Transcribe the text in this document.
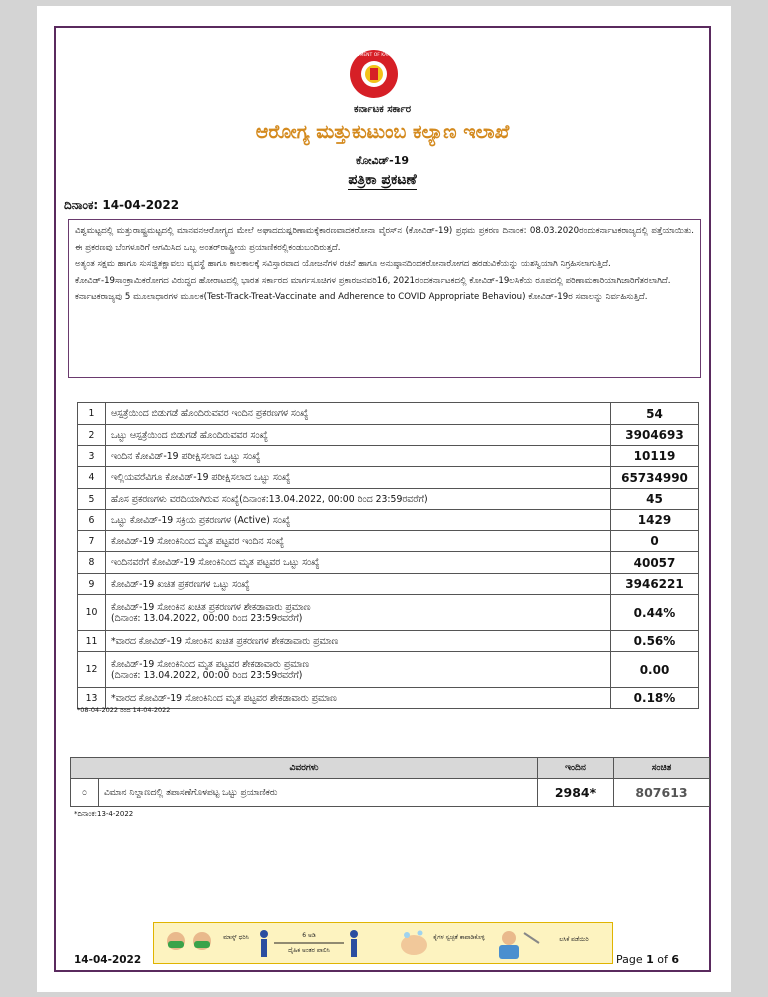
GOVERNMENT OF KARNATAKA
ಕರ್ನಾಟಕ ಸರ್ಕಾರ
ಆರೋಗ್ಯ ಮತ್ತುಕುಟುಂಬ ಕಲ್ಯಾಣ ಇಲಾಖೆ
ಕೋವಿಡ್-19
ಪತ್ರಿಕಾ ಪ್ರಕಟಣೆ
ದಿನಾಂಕ: 14-04-2022

ವಿಶ್ವಮಟ್ಟದಲ್ಲಿ ಮತ್ತುರಾಷ್ಟ್ರಮಟ್ಟದಲ್ಲಿ ಮಾನವನಆರೋಗ್ಯದ ಮೇಲೆ ಅಘಾದದುಷ್ಪರಿಣಾಮಕ್ಕೆಕಾರಣವಾದಕರೋನಾ ವೈರಸ್‌ನ (ಕೋವಿಡ್-19) ಪ್ರಥಮ ಪ್ರಕರಣ ದಿನಾಂಕ: 08.03.2020ರಂದುಕರ್ನಾಟಕರಾಜ್ಯದಲ್ಲಿ ಪತ್ತೆಯಾಯಿತು. ಈ ಪ್ರಕರಣವು ಬೆಂಗಳೂರಿಗೆ ಆಗಮಿಸಿದ ಒಬ್ಬ ಅಂತರ್‌ರಾಷ್ಟ್ರೀಯ ಪ್ರಯಾಣಿಕರಲ್ಲಿಕಂಡುಬಂದಿರುತ್ತದೆ.

ಅತ್ಯಂತ ಸಕ್ಷಮ ಹಾಗೂ ಸುಸಜ್ಜಿತಕ್ಷಾವಲು ವ್ಯವಸ್ಥೆ ಹಾಗೂ ಕಾಲಕಾಲಕ್ಕೆ ಸವಿಸ್ತಾರವಾದ ಯೋಜನೆಗಳ ರಚನೆ ಹಾಗೂ ಅನುಷ್ಠಾನದಿಂದಕರೋನಾರೋಗದ ಹರಡುವಿಕೆಯನ್ನು ಯಶಸ್ವಿಯಾಗಿ ನಿಗ್ರಹಿಸಲಾಗುತ್ತಿದೆ.

ಕೋವಿಡ್-19ಸಾಂಕ್ರಾಮಿಕರೋಗದ ವಿರುದ್ಧದ ಹೋರಾಟದಲ್ಲಿ ಭಾರತ ಸರ್ಕಾರದ ಮಾರ್ಗಸೂಚಿಗಳ ಪ್ರಕಾರಜನವರಿ16, 2021ರಂದಕರ್ನಾಟಕದಲ್ಲಿ ಕೋವಿಡ್-19ಲಸಿಕೆಯ ರೂಪದಲ್ಲಿ ಪರಿಣಾಮಕಾರಿಯಾಗಿಜಾರಿಗೆತರಲಾಗಿದೆ.

ಕರ್ನಾಟಕರಾಜ್ಯವು 5 ಮೂಲಾಧಾರಗಳ ಮೂಲಕ(Test-Track-Treat-Vaccinate and Adherence to COVID Appropriate Behaviou) ಕೋವಿಡ್-19ರ ಸವಾಲನ್ನು ನಿರ್ವಹಿಸುತ್ತಿದೆ.

1	ಆಸ್ಪತ್ರೆಯಿಂದ ಬಿಡುಗಡೆ ಹೊಂದಿರುವವರ ಇಂದಿನ ಪ್ರಕರಣಗಳ ಸಂಖ್ಯೆ	54
2	ಒಟ್ಟು ಆಸ್ಪತ್ರೆಯಿಂದ ಬಿಡುಗಡೆ ಹೊಂದಿರುವವರ ಸಂಖ್ಯೆ	3904693
3	ಇಂದಿನ ಕೋವಿಡ್-19 ಪರೀಕ್ಷಿಸಲಾದ ಒಟ್ಟು ಸಂಖ್ಯೆ	10119
4	ಇಲ್ಲಿಯವರೆವಿಗೂ ಕೋವಿಡ್-19 ಪರೀಕ್ಷಿಸಲಾದ ಒಟ್ಟು ಸಂಖ್ಯೆ	65734990
5	ಹೊಸ ಪ್ರಕರಣಗಳು ವರದಿಯಾಗಿರುವ ಸಂಖ್ಯೆ(ದಿನಾಂಕ:13.04.2022, 00:00 ರಿಂದ 23:59ರವರೆಗೆ)	45
6	ಒಟ್ಟು ಕೋವಿಡ್-19 ಸಕ್ರಿಯ ಪ್ರಕರಣಗಳ (Active) ಸಂಖ್ಯೆ	1429
7	ಕೋವಿಡ್-19 ಸೋಂಕಿನಿಂದ ಮೃತ ಪಟ್ಟವರ ಇಂದಿನ ಸಂಖ್ಯೆ	0
8	ಇಂದಿನವರೆಗೆ ಕೋವಿಡ್-19 ಸೋಂಕಿನಿಂದ ಮೃತ ಪಟ್ಟವರ ಒಟ್ಟು ಸಂಖ್ಯೆ	40057
9	ಕೋವಿಡ್-19 ಖಚಿತ ಪ್ರಕರಣಗಳ ಒಟ್ಟು ಸಂಖ್ಯೆ	3946221
10	ಕೋವಿಡ್-19 ಸೋಂಕಿನ ಖಚಿತ ಪ್ರಕರಣಗಳ ಶೇಕಡಾವಾರು ಪ್ರಮಾಣ
(ದಿನಾಂಕ: 13.04.2022, 00:00 ರಿಂದ 23:59ರವರೆಗೆ)	0.44%
11	*ವಾರದ ಕೋವಿಡ್-19 ಸೋಂಕಿನ ಖಚಿತ ಪ್ರಕರಣಗಳ ಶೇಕಡಾವಾರು ಪ್ರಮಾಣ	0.56%
12	ಕೋವಿಡ್-19 ಸೋಂಕಿನಿಂದ ಮೃತ ಪಟ್ಟವರ ಶೇಕಡಾವಾರು ಪ್ರಮಾಣ
(ದಿನಾಂಕ: 13.04.2022, 00:00 ರಿಂದ 23:59ರವರೆಗೆ)	0.00
13	*ವಾರದ ಕೋವಿಡ್-19 ಸೋಂಕಿನಿಂದ ಮೃತ ಪಟ್ಟವರ ಶೇಕಡಾವಾರು ಪ್ರಮಾಣ	0.18%
*08-04-2022 ರಿಂದ 14-04-2022
ವಿವರಗಳು		ಇಂದಿನ	ಸಂಚಿತ
೦	ವಿಮಾನ ನಿಲ್ದಾಣದಲ್ಲಿ ತಪಾಸಣೆಗೊಳಪಟ್ಟ ಒಟ್ಟು ಪ್ರಯಾಣಿಕರು	2984*	807613
*ದಿನಾಂಕ:13-4-2022
14-04-2022
ಮಾಸ್ಕ್ ಧರಿಸಿ	6 ಅಡಿ
ದೈಹಿಕ ಅಂತರ ಪಾಲಿಸಿ
ಕೈಗಳ ಸ್ವಚ್ಛತೆ ಕಾಪಾಡಿಕೊಳ್ಳಿ	ಲಸಿಕೆ ಪಡೆಯಿರಿ
Page 1 of 6
